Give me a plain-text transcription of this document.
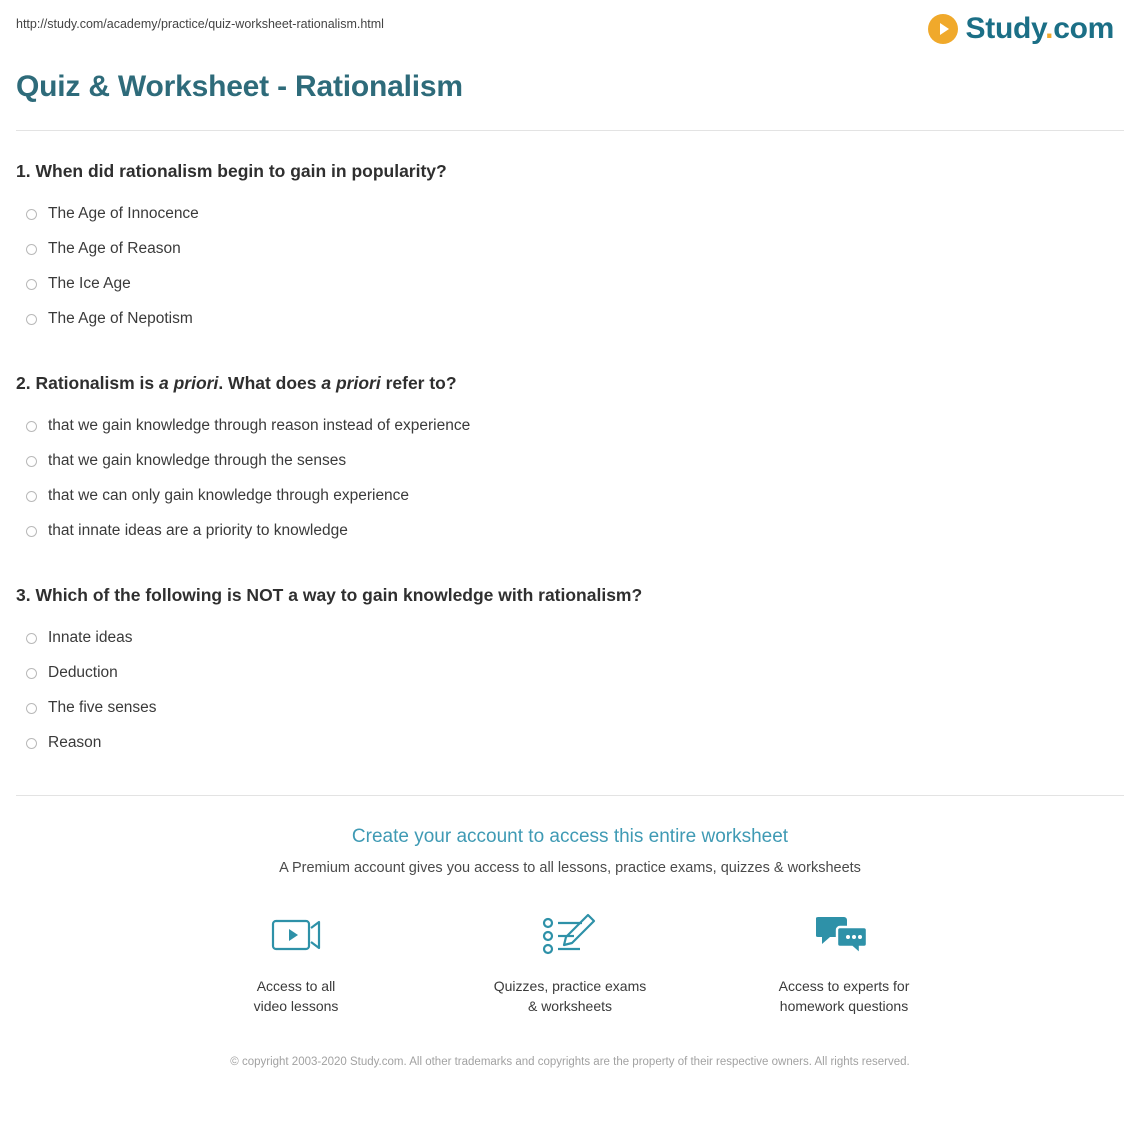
http://study.com/academy/practice/quiz-worksheet-rationalism.html	Study.com
Quiz & Worksheet - Rationalism

1. When did rationalism begin to gain in popularity?

The Age of Innocence
The Age of Reason
The Ice Age
The Age of Nepotism

2. Rationalism is a priori. What does a priori refer to?

that we gain knowledge through reason instead of experience
that we gain knowledge through the senses
that we can only gain knowledge through experience
that innate ideas are a priority to knowledge

3. Which of the following is NOT a way to gain knowledge with rationalism?

Innate ideas
Deduction
The five senses
Reason

Create your account to access this entire worksheet

A Premium account gives you access to all lessons, practice exams, quizzes & worksheets

Access to all
video lessons
Quizzes, practice exams
& worksheets
Access to experts for
homework questions
© copyright 2003-2020 Study.com. All other trademarks and copyrights are the property of their respective owners. All rights reserved.
